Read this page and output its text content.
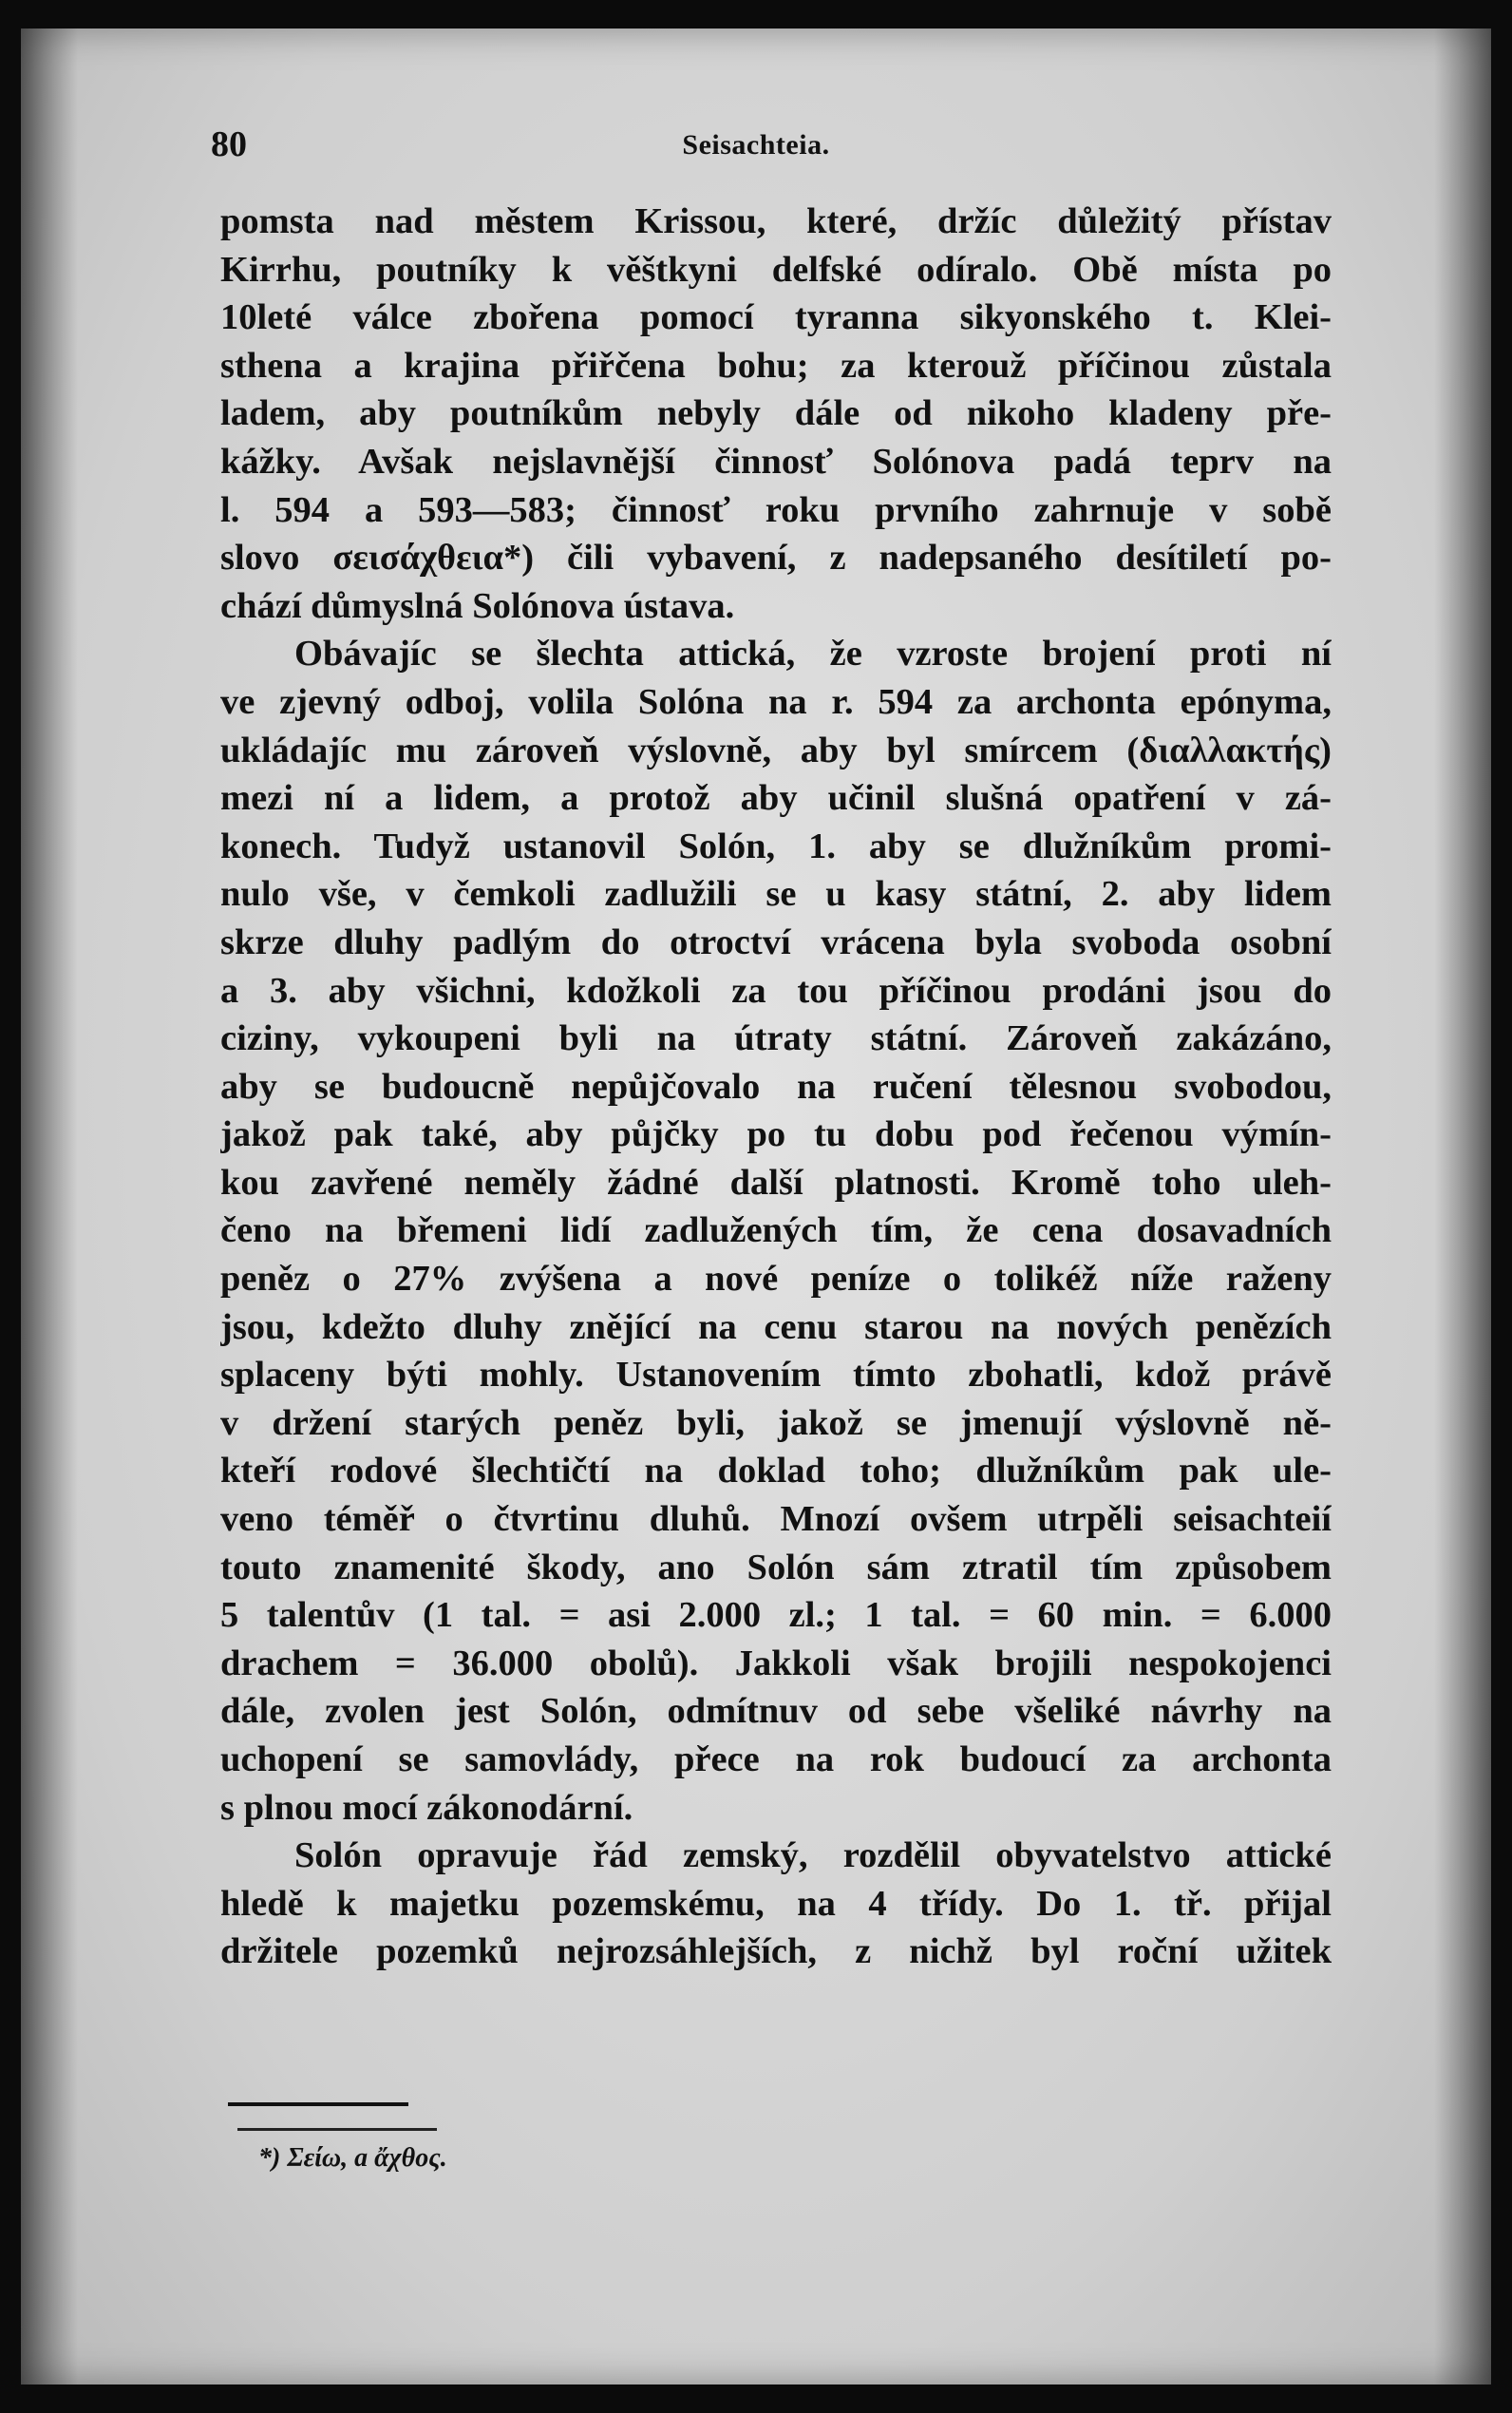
80	Seisachteia.
pomsta nad městem Krissou, které, držíc důležitý přístav
Kirrhu, poutníky k věštkyni delfské odíralo. Obě místa po
10leté válce zbořena pomocí tyranna sikyonského t. Klei-
sthena a krajina přiřčena bohu; za kterouž příčinou zůstala
ladem, aby poutníkům nebyly dále od nikoho kladeny pře-
kážky. Avšak nejslavnější činnosť Solónova padá teprv na
l. 594 a 593—583; činnosť roku prvního zahrnuje v sobě
slovo σεισάχθεια*) čili vybavení, z nadepsaného desítiletí po-
chází důmyslná Solónova ústava.
Obávajíc se šlechta attická, že vzroste brojení proti ní
ve zjevný odboj, volila Solóna na r. 594 za archonta epónyma,
ukládajíc mu zároveň výslovně, aby byl smírcem (διαλλακτής)
mezi ní a lidem, a protož aby učinil slušná opatření v zá-
konech. Tudyž ustanovil Solón, 1. aby se dlužníkům promi-
nulo vše, v čemkoli zadlužili se u kasy státní, 2. aby lidem
skrze dluhy padlým do otroctví vrácena byla svoboda osobní
a 3. aby všichni, kdožkoli za tou příčinou prodáni jsou do
ciziny, vykoupeni byli na útraty státní. Zároveň zakázáno,
aby se budoucně nepůjčovalo na ručení tělesnou svobodou,
jakož pak také, aby půjčky po tu dobu pod řečenou výmín-
kou zavřené neměly žádné další platnosti. Kromě toho uleh-
čeno na břemeni lidí zadlužených tím, že cena dosavadních
peněz o 27% zvýšena a nové peníze o tolikéž níže raženy
jsou, kdežto dluhy znějící na cenu starou na nových penězích
splaceny býti mohly. Ustanovením tímto zbohatli, kdož právě
v držení starých peněz byli, jakož se jmenují výslovně ně-
kteří rodové šlechtičtí na doklad toho; dlužníkům pak ule-
veno téměř o čtvrtinu dluhů. Mnozí ovšem utrpěli seisachteií
touto znamenité škody, ano Solón sám ztratil tím způsobem
5 talentův (1 tal. = asi 2.000 zl.; 1 tal. = 60 min. = 6.000
drachem = 36.000 obolů). Jakkoli však brojili nespokojenci
dále, zvolen jest Solón, odmítnuv od sebe všeliké návrhy na
uchopení se samovlády, přece na rok budoucí za archonta
s plnou mocí zákonodární.
Solón opravuje řád zemský, rozdělil obyvatelstvo attické
hledě k majetku pozemskému, na 4 třídy. Do 1. tř. přijal
držitele pozemků nejrozsáhlejších, z nichž byl roční užitek
*) Σείω, a ἄχθος.
